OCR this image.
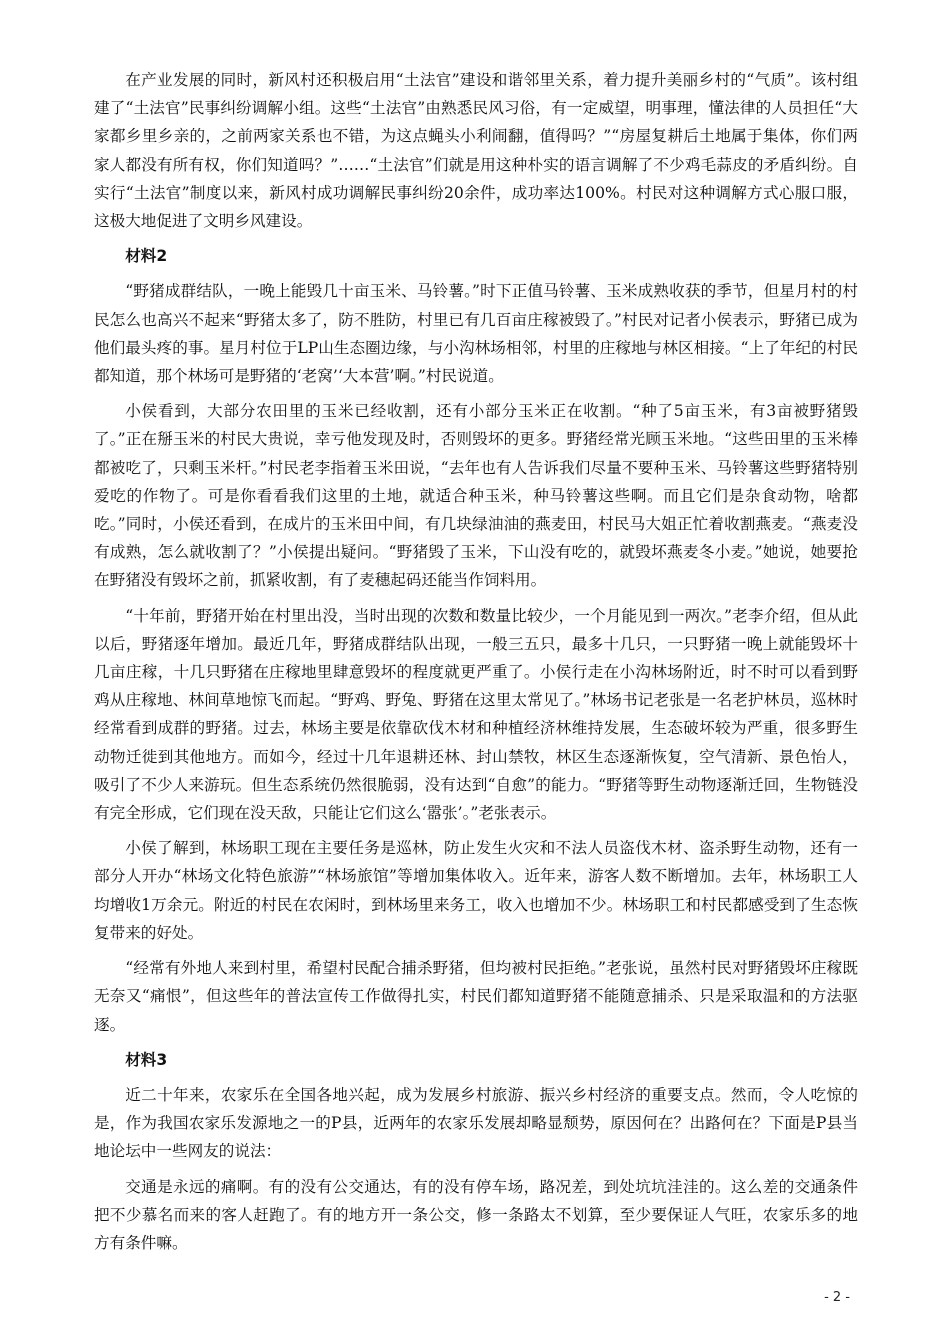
在产业发展的同时，新风村还积极启用“土法官”建设和谐邻里关系，着力提升美丽乡村的“气质”。该村组建了“土法官”民事纠纷调解小组。这些“土法官”由熟悉民风习俗，有一定威望，明事理，懂法律的人员担任“大家都乡里乡亲的，之前两家关系也不错，为这点蝇头小利闹翻，值得吗？”“房屋复耕后土地属于集体，你们两家人都没有所有权，你们知道吗？”……“土法官”们就是用这种朴实的语言调解了不少鸡毛蒜皮的矛盾纠纷。自实行“土法官”制度以来，新风村成功调解民事纠纷20余件，成功率达100%。村民对这种调解方式心服口服，这极大地促进了文明乡风建设。

材料2

“野猪成群结队，一晚上能毁几十亩玉米、马铃薯。”时下正值马铃薯、玉米成熟收获的季节，但星月村的村民怎么也高兴不起来“野猪太多了，防不胜防，村里已有几百亩庄稼被毁了。”村民对记者小侯表示，野猪已成为他们最头疼的事。星月村位于LP山生态圈边缘，与小沟林场相邻，村里的庄稼地与林区相接。“上了年纪的村民都知道，那个林场可是野猪的‘老窝’‘大本营’啊。”村民说道。

小侯看到，大部分农田里的玉米已经收割，还有小部分玉米正在收割。“种了5亩玉米，有3亩被野猪毁了。”正在掰玉米的村民大贵说，幸亏他发现及时，否则毁坏的更多。野猪经常光顾玉米地。“这些田里的玉米棒都被吃了，只剩玉米杆。”村民老李指着玉米田说，“去年也有人告诉我们尽量不要种玉米、马铃薯这些野猪特别爱吃的作物了。可是你看看我们这里的土地，就适合种玉米，种马铃薯这些啊。而且它们是杂食动物，啥都吃。”同时，小侯还看到，在成片的玉米田中间，有几块绿油油的燕麦田，村民马大姐正忙着收割燕麦。“燕麦没有成熟，怎么就收割了？”小侯提出疑问。“野猪毁了玉米，下山没有吃的，就毁坏燕麦冬小麦。”她说，她要抢在野猪没有毁坏之前，抓紧收割，有了麦穗起码还能当作饲料用。

“十年前，野猪开始在村里出没，当时出现的次数和数量比较少，一个月能见到一两次。”老李介绍，但从此以后，野猪逐年增加。最近几年，野猪成群结队出现，一般三五只，最多十几只，一只野猪一晚上就能毁坏十几亩庄稼，十几只野猪在庄稼地里肆意毁坏的程度就更严重了。小侯行走在小沟林场附近，时不时可以看到野鸡从庄稼地、林间草地惊飞而起。“野鸡、野兔、野猪在这里太常见了。”林场书记老张是一名老护林员，巡林时经常看到成群的野猪。过去，林场主要是依靠砍伐木材和种植经济林维持发展，生态破坏较为严重，很多野生动物迁徙到其他地方。而如今，经过十几年退耕还林、封山禁牧，林区生态逐渐恢复，空气清新、景色怡人，吸引了不少人来游玩。但生态系统仍然很脆弱，没有达到“自愈”的能力。“野猪等野生动物逐渐迁回，生物链没有完全形成，它们现在没天敌，只能让它们这么‘嚣张’。”老张表示。

小侯了解到，林场职工现在主要任务是巡林，防止发生火灾和不法人员盗伐木材、盗杀野生动物，还有一部分人开办“林场文化特色旅游”“林场旅馆”等增加集体收入。近年来，游客人数不断增加。去年，林场职工人均增收1万余元。附近的村民在农闲时，到林场里来务工，收入也增加不少。林场职工和村民都感受到了生态恢复带来的好处。

“经常有外地人来到村里，希望村民配合捕杀野猪，但均被村民拒绝。”老张说，虽然村民对野猪毁坏庄稼既无奈又“痛恨”，但这些年的普法宣传工作做得扎实，村民们都知道野猪不能随意捕杀、只是采取温和的方法驱逐。

材料3

近二十年来，农家乐在全国各地兴起，成为发展乡村旅游、振兴乡村经济的重要支点。然而，令人吃惊的是，作为我国农家乐发源地之一的P县，近两年的农家乐发展却略显颓势，原因何在？出路何在？下面是P县当地论坛中一些网友的说法：

交通是永远的痛啊。有的没有公交通达，有的没有停车场，路况差，到处坑坑洼洼的。这么差的交通条件把不少慕名而来的客人赶跑了。有的地方开一条公交，修一条路太不划算，至少要保证人气旺，农家乐多的地方有条件嘛。

- 2 -
